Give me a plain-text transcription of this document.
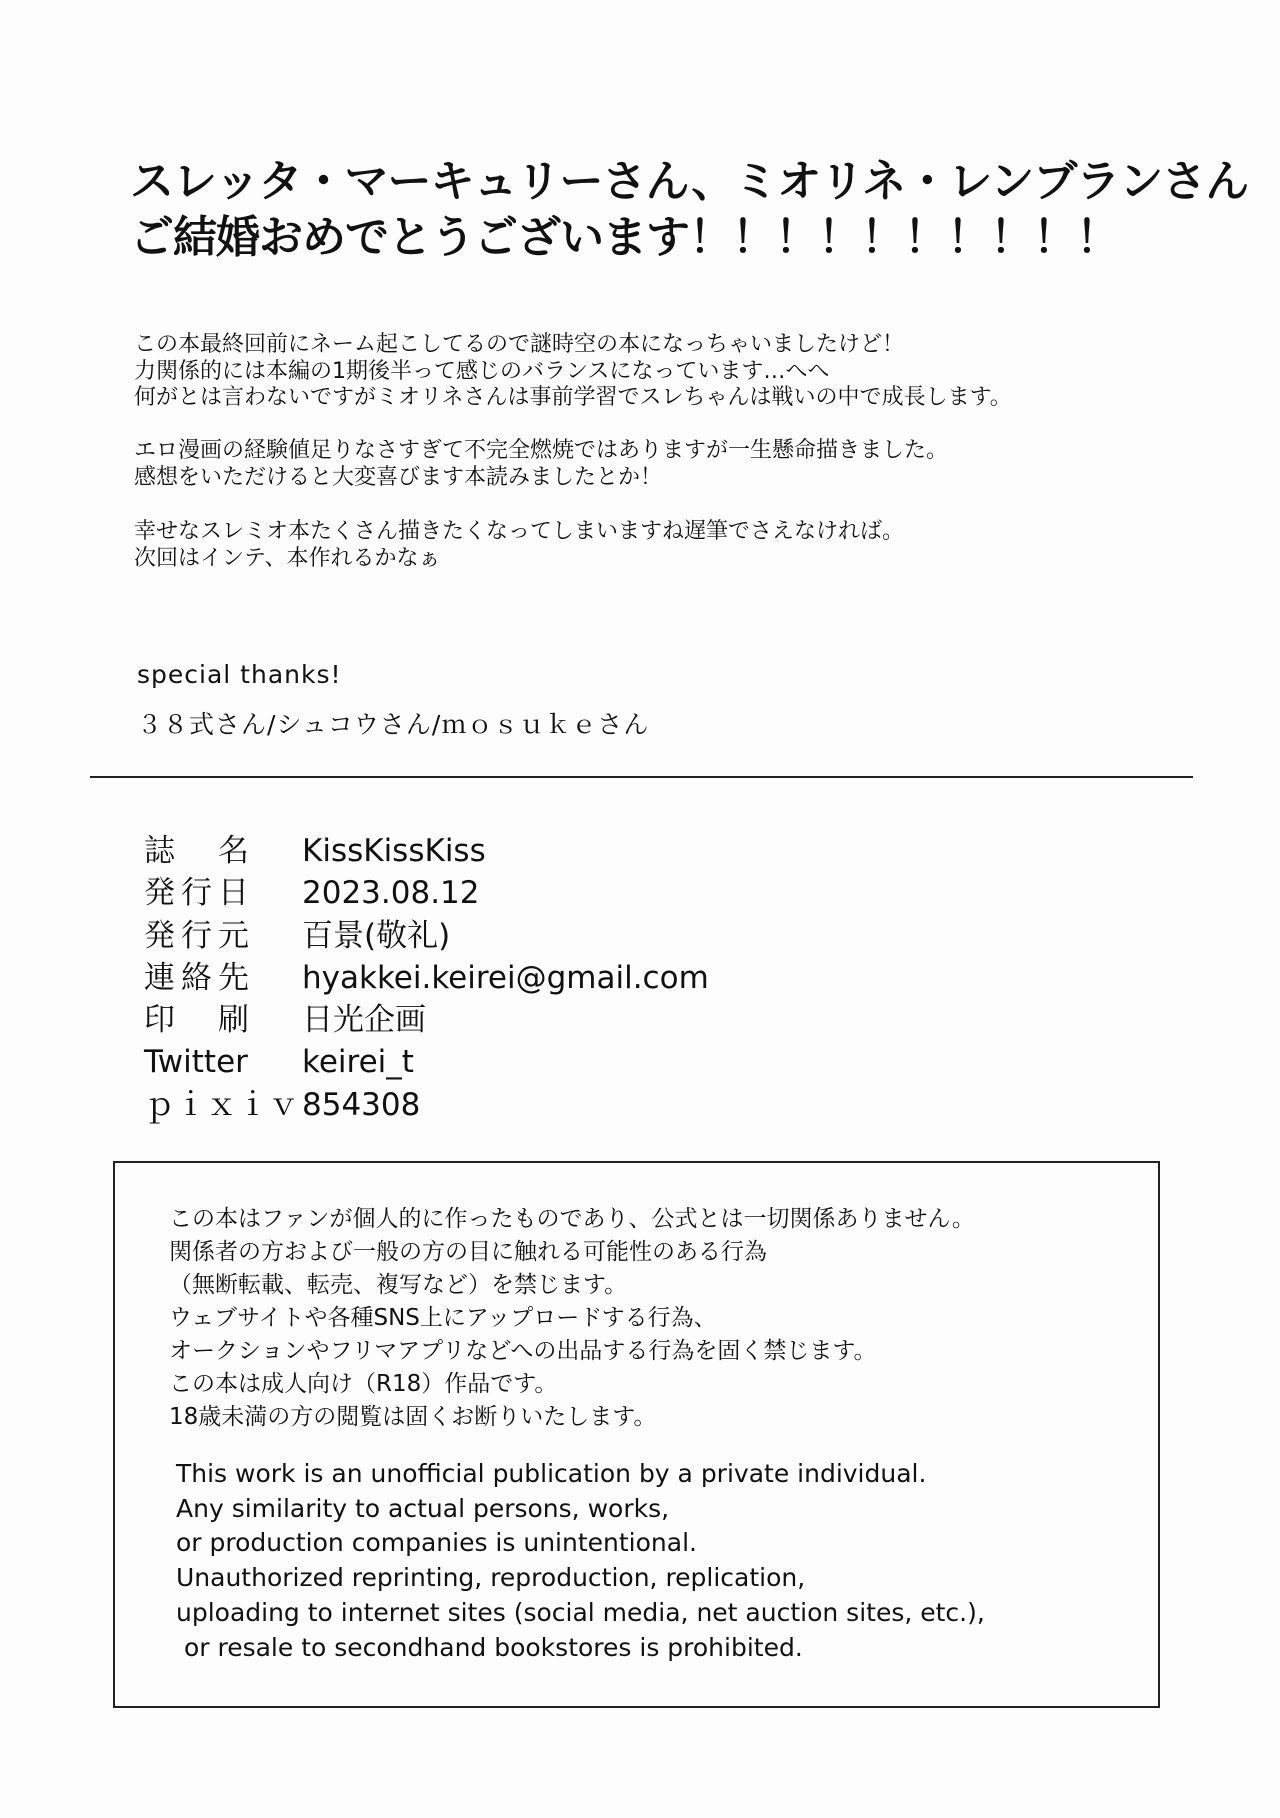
スレッタ・マーキュリーさん、ミオリネ・レンブランさん
ご結婚おめでとうございます！！！！！！！！！！
この本最終回前にネーム起こしてるので謎時空の本になっちゃいましたけど！
力関係的には本編の1期後半って感じのバランスになっています…へへ
何がとは言わないですがミオリネさんは事前学習でスレちゃんは戦いの中で成長します。
エロ漫画の経験値足りなさすぎて不完全燃焼ではありますが一生懸命描きました。
感想をいただけると大変喜びます本読みましたとか！
幸せなスレミオ本たくさん描きたくなってしまいますね遅筆でさえなければ。
次回はインテ、本作れるかなぁ
special thanks!
３８式さん/シュコウさん/ｍｏｓｕｋｅさん
誌　名	KissKissKiss
発行日	2023.08.12
発行元	百景(敬礼)
連絡先	hyakkei.keirei@gmail.com
印　刷	日光企画
Twitter	keirei_t
ｐｉｘｉｖ 854308
この本はファンが個人的に作ったものであり、公式とは一切関係ありません。
関係者の方および一般の方の目に触れる可能性のある行為
（無断転載、転売、複写など）を禁じます。
ウェブサイトや各種SNS上にアップロードする行為、
オークションやフリマアプリなどへの出品する行為を固く禁じます。
この本は成人向け（R18）作品です。
18歳未満の方の閲覧は固くお断りいたします。
This work is an unofficial publication by a private individual.
Any similarity to actual persons, works,
or production companies is unintentional.
Unauthorized reprinting, reproduction, replication,
uploading to internet sites (social media, net auction sites, etc.),
or resale to secondhand bookstores is prohibited.
